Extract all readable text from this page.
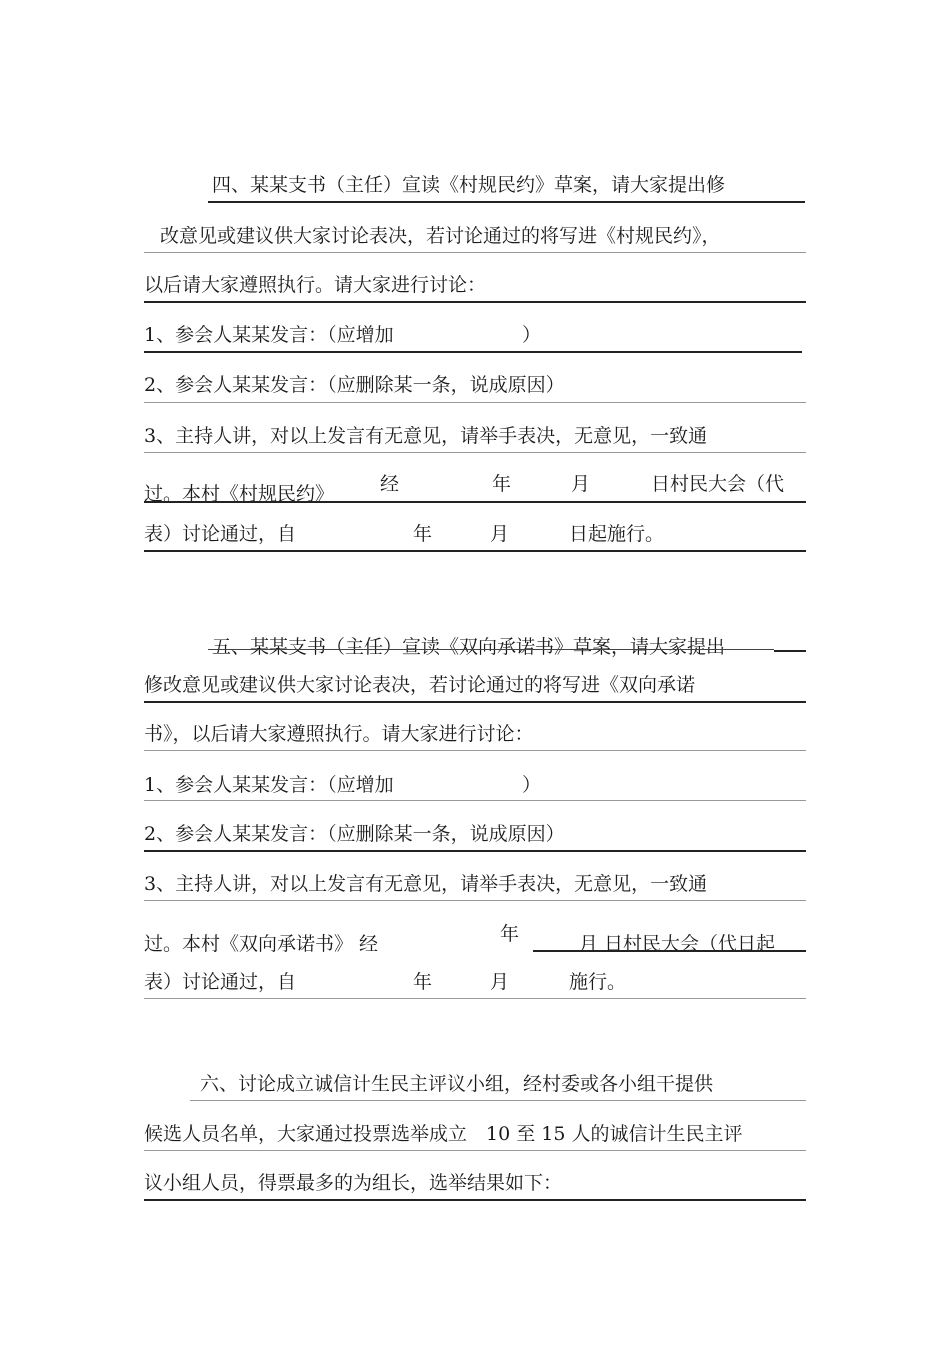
四、某某支书（主任）宣读《村规民约》草案，请大家提出修
改意见或建议供大家讨论表决，若讨论通过的将写进《村规民约》，
以后请大家遵照执行。请大家进行讨论：
1、参会人某某发言：（应增加	）
2、参会人某某发言：（应删除某一条，说成原因）
3、主持人讲，对以上发言有无意见，请举手表决，无意见，一致通
过。本村《村规民约》 经	年	月	日村民大会（代
表）讨论通过，自	年	月	日起施行。
五、某某支书（主任）宣读《双向承诺书》草案，请大家提出
修改意见或建议供大家讨论表决，若讨论通过的将写进《双向承诺
书》，以后请大家遵照执行。请大家进行讨论：
1、参会人某某发言：（应增加	）
2、参会人某某发言：（应删除某一条，说成原因）
3、主持人讲，对以上发言有无意见，请举手表决，无意见，一致通
年
过。本村《双向承诺书》 经	月 日村民大会（代日起
表）讨论通过，自	年	月	施行。
六、讨论成立诚信计生民主评议小组，经村委或各小组干提供
候选人员名单，大家通过投票选举成立　10 至 15 人的诚信计生民主评
议小组人员，得票最多的为组长，选举结果如下：
